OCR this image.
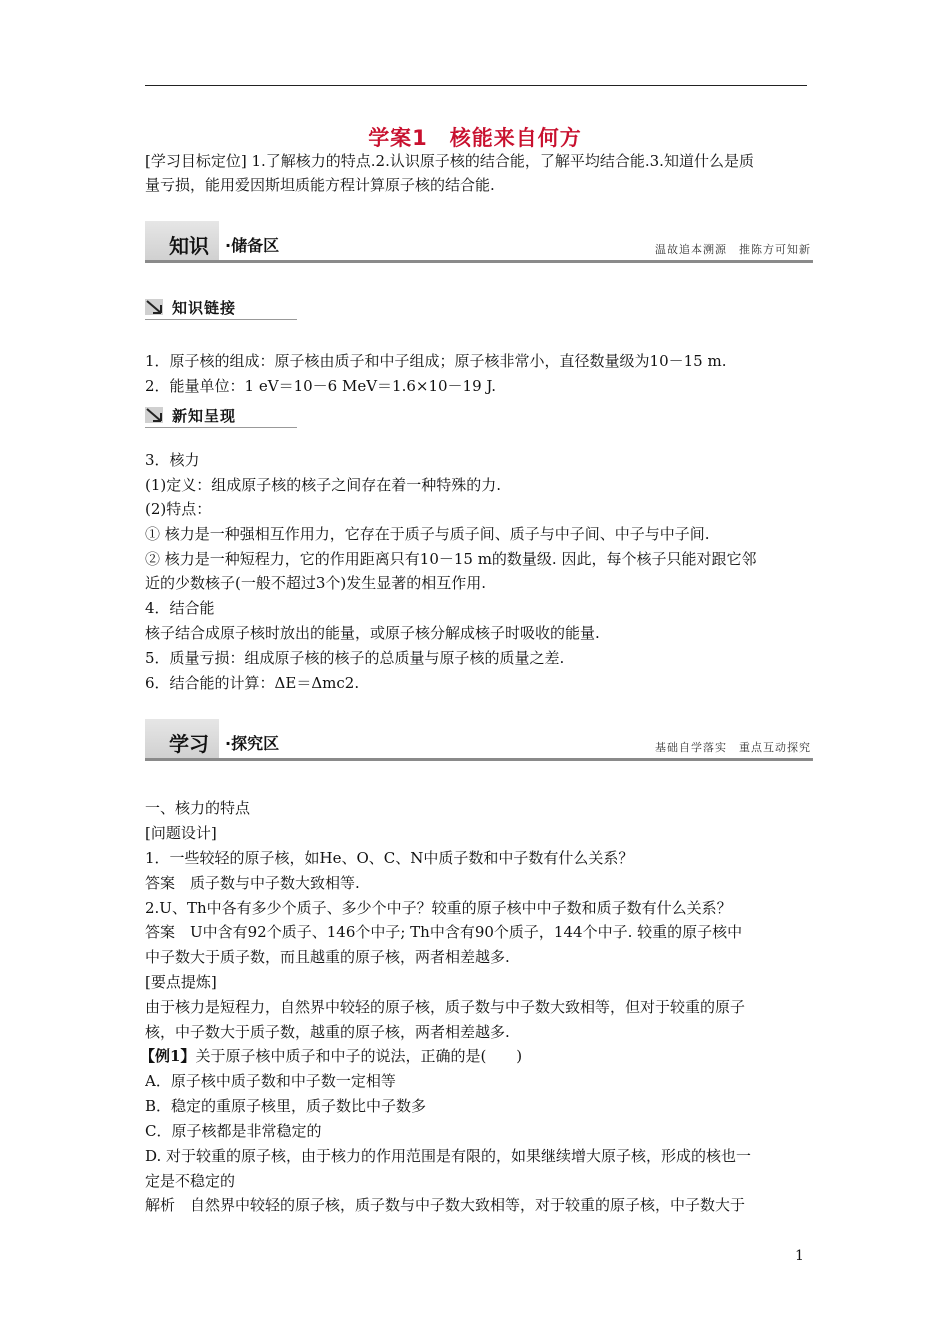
学案1　核能来自何方
[学习目标定位] 1.了解核力的特点.2.认识原子核的结合能，了解平均结合能.3.知道什么是质
量亏损，能用爱因斯坦质能方程计算原子核的结合能.
知识 ·储备区	温故追本溯源　推陈方可知新
知识链接
1．原子核的组成：原子核由质子和中子组成；原子核非常小，直径数量级为10－15 m.
2．能量单位：1 eV＝10－6 MeV＝1.6×10－19 J.
新知呈现
3．核力
(1)定义：组成原子核的核子之间存在着一种特殊的力.
(2)特点：
① 核力是一种强相互作用力，它存在于质子与质子间、质子与中子间、中子与中子间.
② 核力是一种短程力，它的作用距离只有10－15 m的数量级. 因此，每个核子只能对跟它邻
近的少数核子(一般不超过3个)发生显著的相互作用.
4．结合能
核子结合成原子核时放出的能量，或原子核分解成核子时吸收的能量.
5．质量亏损：组成原子核的核子的总质量与原子核的质量之差.
6．结合能的计算：ΔE＝Δmc2.
学习 ·探究区	基础自学落实　重点互动探究
一、核力的特点
[问题设计]
1．一些较轻的原子核，如He、O、C、N中质子数和中子数有什么关系？
答案　质子数与中子数大致相等.
2.U、Th中各有多少个质子、多少个中子？较重的原子核中中子数和质子数有什么关系？
答案　U中含有92个质子、146个中子; Th中含有90个质子，144个中子. 较重的原子核中
中子数大于质子数，而且越重的原子核，两者相差越多.
[要点提炼]
由于核力是短程力，自然界中较轻的原子核，质子数与中子数大致相等，但对于较重的原子
核，中子数大于质子数，越重的原子核，两者相差越多.
【例1】关于原子核中质子和中子的说法，正确的是(　　)
A．原子核中质子数和中子数一定相等
B．稳定的重原子核里，质子数比中子数多
C．原子核都是非常稳定的
D. 对于较重的原子核，由于核力的作用范围是有限的，如果继续增大原子核，形成的核也一
定是不稳定的
解析　自然界中较轻的原子核，质子数与中子数大致相等，对于较重的原子核，中子数大于
1
